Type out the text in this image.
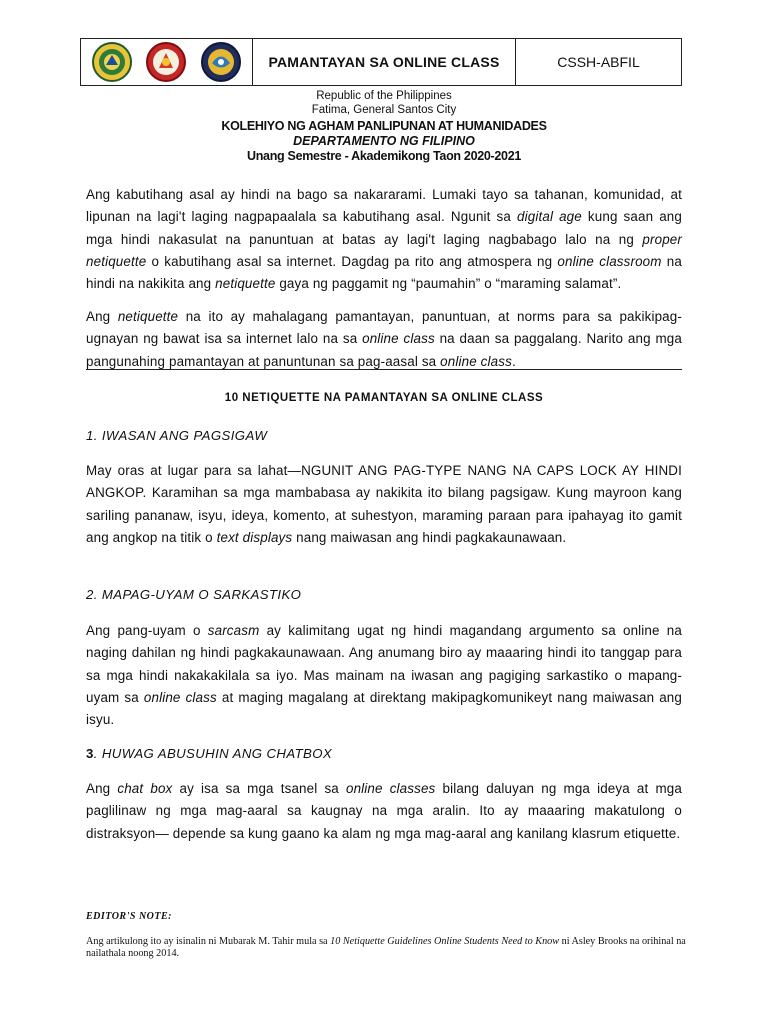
PAMANTAYAN SA ONLINE CLASS	CSSH-ABFIL
Republic of the Philippines
Fatima, General Santos City
KOLEHIYO NG AGHAM PANLIPUNAN AT HUMANIDADES
DEPARTAMENTO NG FILIPINO
Unang Semestre - Akademikong Taon 2020-2021

Ang kabutihang asal ay hindi na bago sa nakararami. Lumaki tayo sa tahanan, komunidad, at lipunan na lagi't laging nagpapaalala sa kabutihang asal. Ngunit sa digital age kung saan ang mga hindi nakasulat na panuntuan at batas ay lagi't laging nagbabago lalo na ng proper netiquette o kabutihang asal sa internet. Dagdag pa rito ang atmospera ng online classroom na hindi na nakikita ang netiquette gaya ng paggamit ng “paumahin” o “maraming salamat”.

Ang netiquette na ito ay mahalagang pamantayan, panuntuan, at norms para sa pakikipag-ugnayan ng bawat isa sa internet lalo na sa online class na daan sa paggalang. Narito ang mga pangunahing pamantayan at panuntunan sa pag-aasal sa online class.

10 NETIQUETTE NA PAMANTAYAN SA ONLINE CLASS
1. IWASAN ANG PAGSIGAW

May oras at lugar para sa lahat—NGUNIT ANG PAG-TYPE NANG NA CAPS LOCK AY HINDI ANGKOP. Karamihan sa mga mambabasa ay nakikita ito bilang pagsigaw. Kung mayroon kang sariling pananaw, isyu, ideya, komento, at suhestyon, maraming paraan para ipahayag ito gamit ang angkop na titik o text displays nang maiwasan ang hindi pagkakaunawaan.

2. MAPAG-UYAM O SARKASTIKO

Ang pang-uyam o sarcasm ay kalimitang ugat ng hindi magandang argumento sa online na naging dahilan ng hindi pagkakaunawaan. Ang anumang biro ay maaaring hindi ito tanggap para sa mga hindi nakakakilala sa iyo. Mas mainam na iwasan ang pagiging sarkastiko o mapang-uyam sa online class at maging magalang at direktang makipagkomunikeyt nang maiwasan ang isyu.

3. HUWAG ABUSUHIN ANG CHATBOX

Ang chat box ay isa sa mga tsanel sa online classes bilang daluyan ng mga ideya at mga paglilinaw ng mga mag-aaral sa kaugnay na mga aralin. Ito ay maaaring makatulong o distraksyon— depende sa kung gaano ka alam ng mga mag-aaral ang kanilang klasrum etiquette.

EDITOR'S NOTE:

Ang artikulong ito ay isinalin ni Mubarak M. Tahir mula sa 10 Netiquette Guidelines Online Students Need to Know ni Asley Brooks na orihinal na nailathala noong 2014.
